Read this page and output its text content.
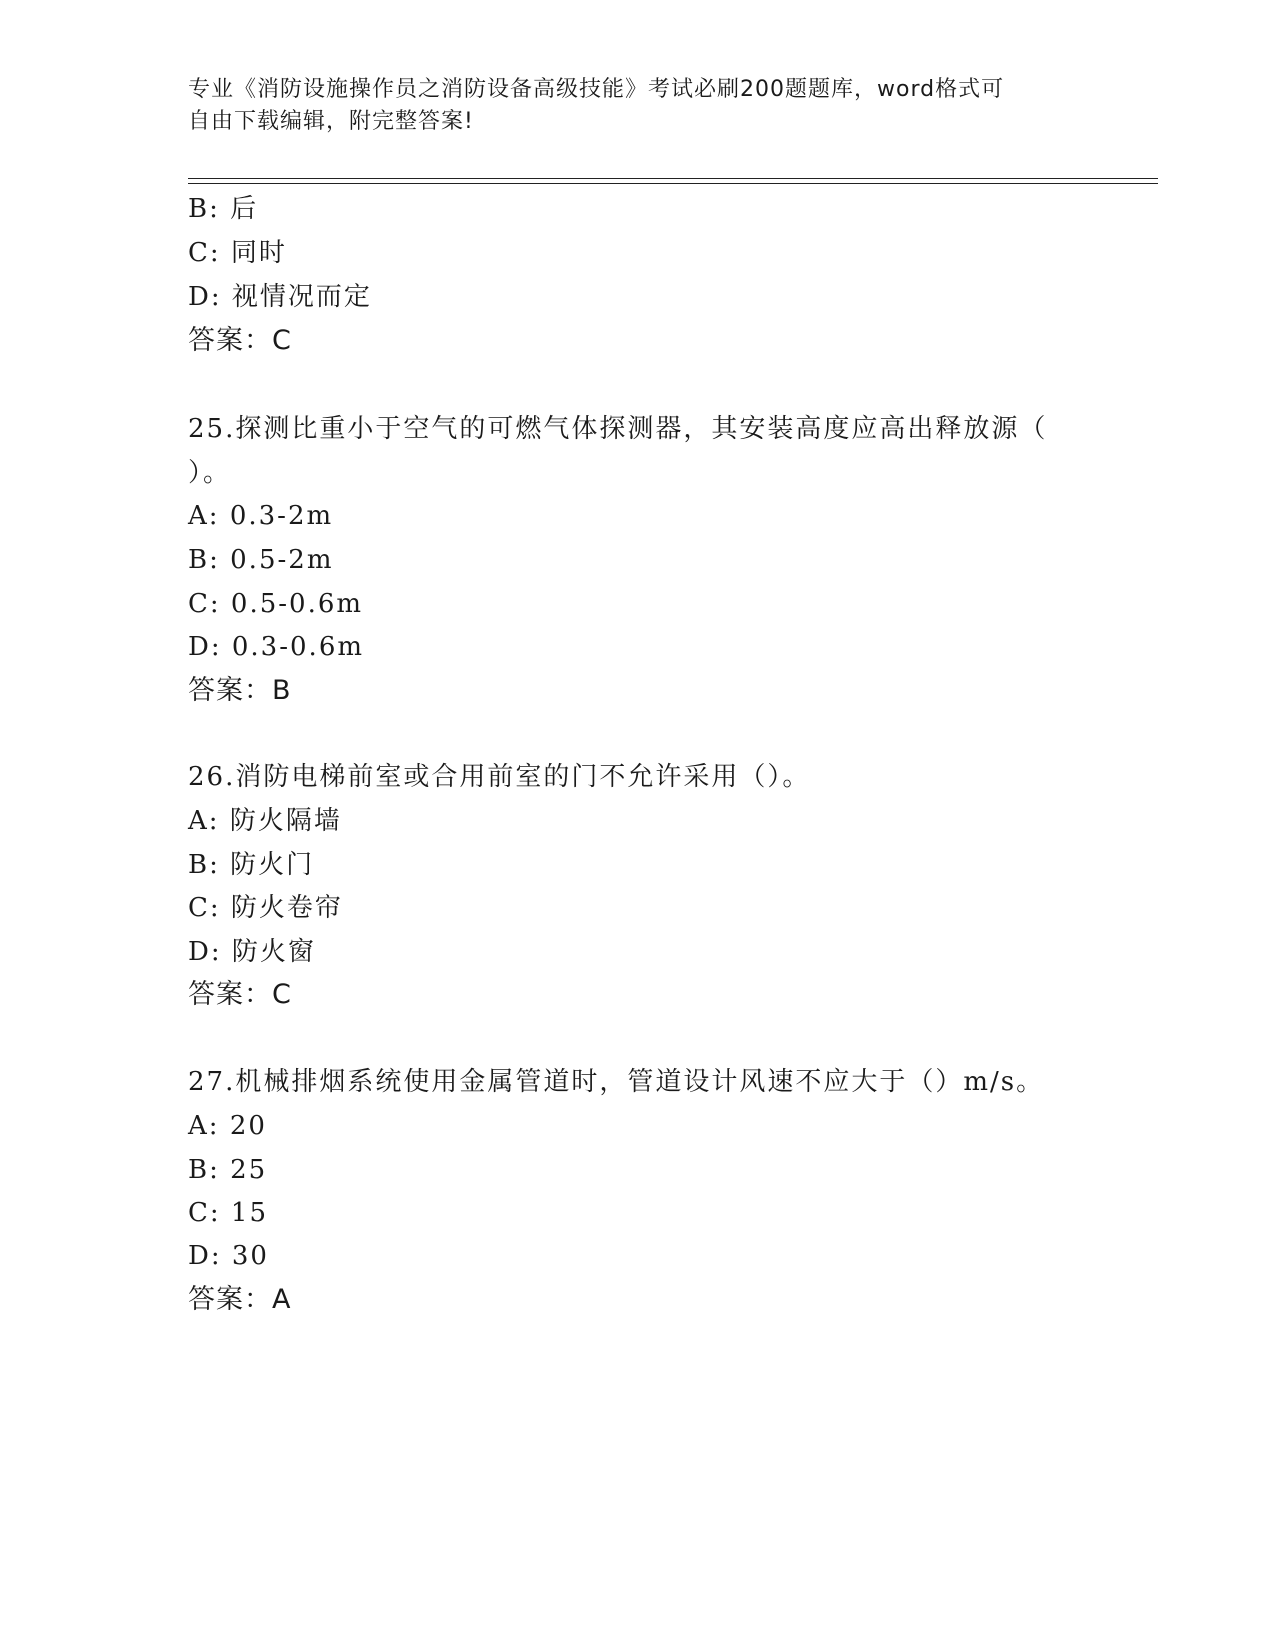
专业《消防设施操作员之消防设备高级技能》考试必刷200题题库，word格式可
自由下载编辑，附完整答案!
B: 后
C: 同时
D: 视情况而定
答案：C
25.探测比重小于空气的可燃气体探测器，其安装高度应高出释放源（
）。
A: 0.3-2m
B: 0.5-2m
C: 0.5-0.6m
D: 0.3-0.6m
答案：B
26.消防电梯前室或合用前室的门不允许采用（）。
A: 防火隔墙
B: 防火门
C: 防火卷帘
D: 防火窗
答案：C
27.机械排烟系统使用金属管道时，管道设计风速不应大于（）m/s。
A: 20
B: 25
C: 15
D: 30
答案：A
